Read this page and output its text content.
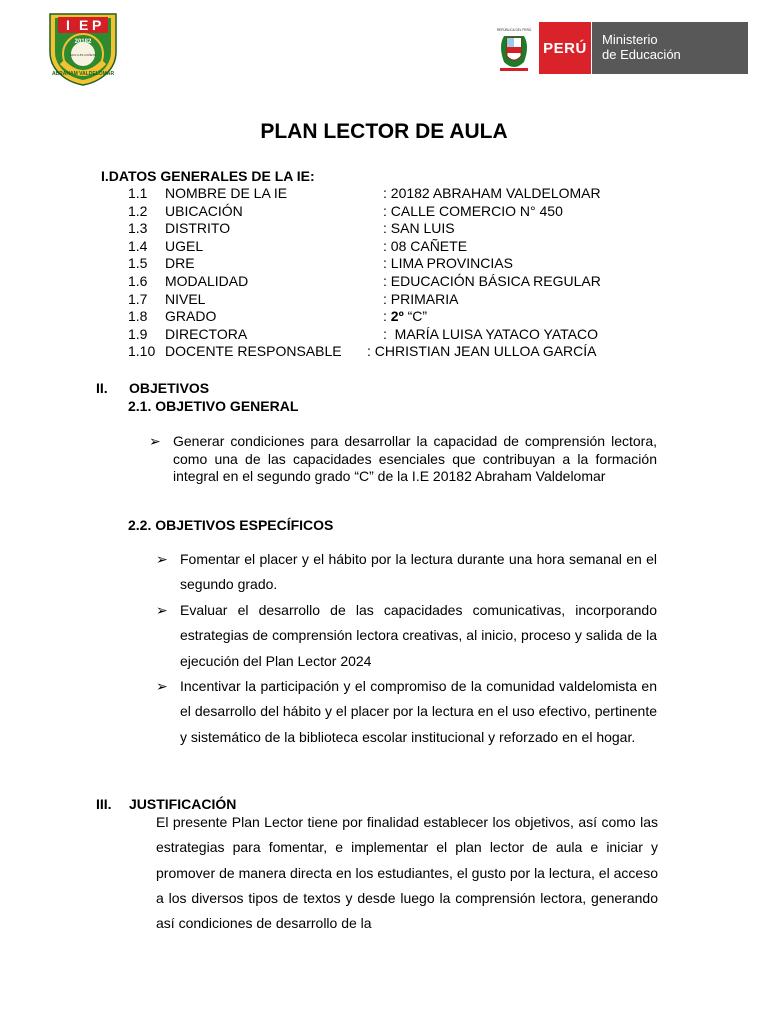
I E P
20182
SAN LUIS CAÑETE
ABRAHAM VALDELOMAR
REPÚBLICA DEL PERÚ
PERÚ	Ministerio
de Educación
PLAN LECTOR DE AULA
I.DATOS GENERALES DE LA IE:
1.1 NOMBRE DE LA IE	: 20182 ABRAHAM VALDELOMAR
1.2 UBICACIÓN	: CALLE COMERCIO N° 450
1.3 DISTRITO	: SAN LUIS
1.4 UGEL	: 08 CAÑETE
1.5 DRE	: LIMA PROVINCIAS
1.6 MODALIDAD	: EDUCACIÓN BÁSICA REGULAR
1.7 NIVEL	: PRIMARIA
1.8 GRADO	: 2º “C”
1.9 DIRECTORA	:  MARÍA LUISA YATACO YATACO
1.10 DOCENTE RESPONSABLE : CHRISTIAN JEAN ULLOA GARCÍA
II. OBJETIVOS
2.1. OBJETIVO GENERAL
➢ Generar condiciones para desarrollar la capacidad de comprensión lectora, como una de las capacidades esenciales que contribuyan a la formación integral en el segundo grado “C” de la I.E 20182 Abraham Valdelomar
2.2. OBJETIVOS ESPECÍFICOS
➢ Fomentar el placer y el hábito por la lectura durante una hora semanal en el segundo grado.
➢ Evaluar el desarrollo de las capacidades comunicativas, incorporando estrategias de comprensión lectora creativas, al inicio, proceso y salida de la ejecución del Plan Lector 2024
➢ Incentivar la participación y el compromiso de la comunidad valdelomista en el desarrollo del hábito y el placer por la lectura en el uso efectivo, pertinente y sistemático de la biblioteca escolar institucional y reforzado en el hogar.
III. JUSTIFICACIÓN
El presente Plan Lector tiene por finalidad establecer los objetivos, así como las estrategias para fomentar, e implementar el plan lector de aula e iniciar y promover de manera directa en los estudiantes, el gusto por la lectura, el acceso a los diversos tipos de textos y desde luego la comprensión lectora, generando así condiciones de desarrollo de la
